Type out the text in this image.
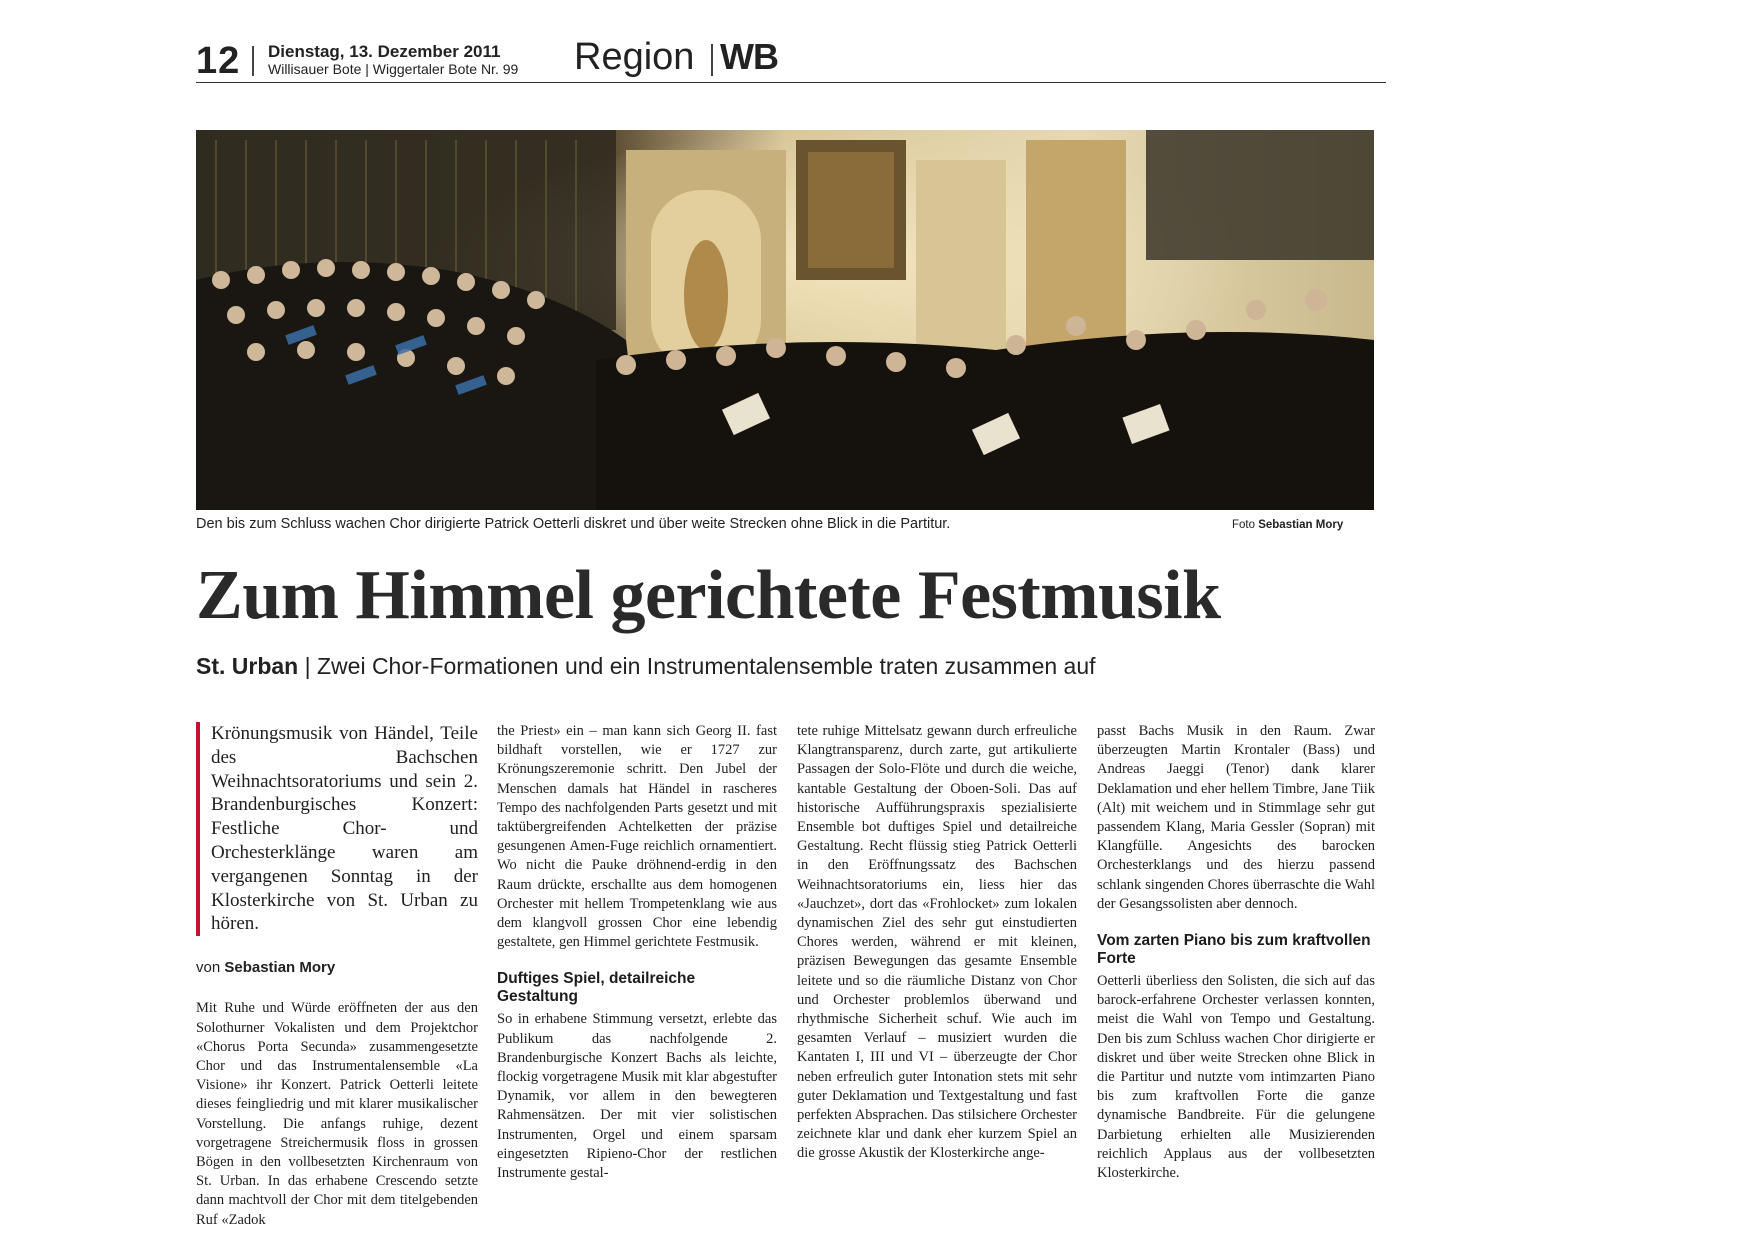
12 Dienstag, 13. Dezember 2011
Willisauer Bote | Wiggertaler Bote Nr. 99 Region WB
Den bis zum Schluss wachen Chor dirigierte Patrick Oetterli diskret und über weite Strecken ohne Blick in die Partitur.	Foto Sebastian Mory
Zum Himmel gerichtete Festmusik
St. Urban | Zwei Chor-Formationen und ein Instrumentalensemble traten zusammen auf

Krönungsmusik von Händel, Teile des Bachschen Weihnachtsoratoriums und sein 2. Brandenburgisches Konzert: Festliche Chor- und Orchesterklänge waren am vergangenen Sonntag in der Klosterkirche von St. Urban zu hören.

von Sebastian Mory

Mit Ruhe und Würde eröffneten der aus den Solothurner Vokalisten und dem Projektchor «Chorus Porta Secunda» zusammengesetzte Chor und das Instrumentalensemble «La Visione» ihr Konzert. Patrick Oetterli leitete dieses feingliedrig und mit klarer musikalischer Vorstellung. Die anfangs ruhige, dezent vorgetragene Streichermusik floss in grossen Bögen in den vollbesetzten Kirchenraum von St. Urban. In das erhabene Crescendo setzte dann machtvoll der Chor mit dem titelgebenden Ruf «Zadok

the Priest» ein – man kann sich Georg II. fast bildhaft vorstellen, wie er 1727 zur Krönungszeremonie schritt. Den Jubel der Menschen damals hat Händel in rascheres Tempo des nachfolgenden Parts gesetzt und mit taktübergreifenden Achtelketten der präzise gesungenen Amen-Fuge reichlich ornamentiert. Wo nicht die Pauke dröhnend-erdig in den Raum drückte, erschallte aus dem homogenen Orchester mit hellem Trompetenklang wie aus dem klangvoll grossen Chor eine lebendig gestaltete, gen Himmel gerichtete Festmusik.

Duftiges Spiel, detailreiche Gestaltung

So in erhabene Stimmung versetzt, erlebte das Publikum das nachfolgende 2. Brandenburgische Konzert Bachs als leichte, flockig vorgetragene Musik mit klar abgestufter Dynamik, vor allem in den bewegteren Rahmensätzen. Der mit vier solistischen Instrumenten, Orgel und einem sparsam eingesetzten Ripieno-Chor der restlichen Instrumente gestal-

tete ruhige Mittelsatz gewann durch erfreuliche Klangtransparenz, durch zarte, gut artikulierte Passagen der Solo-Flöte und durch die weiche, kantable Gestaltung der Oboen-Soli. Das auf historische Aufführungspraxis spezialisierte Ensemble bot duftiges Spiel und detailreiche Gestaltung. Recht flüssig stieg Patrick Oetterli in den Eröffnungssatz des Bachschen Weihnachtsoratoriums ein, liess hier das «Jauchzet», dort das «Frohlocket» zum lokalen dynamischen Ziel des sehr gut einstudierten Chores werden, während er mit kleinen, präzisen Bewegungen das gesamte Ensemble leitete und so die räumliche Distanz von Chor und Orchester problemlos überwand und rhythmische Sicherheit schuf. Wie auch im gesamten Verlauf – musiziert wurden die Kantaten I, III und VI – überzeugte der Chor neben erfreulich guter Intonation stets mit sehr guter Deklamation und Textgestaltung und fast perfekten Absprachen. Das stilsichere Orchester zeichnete klar und dank eher kurzem Spiel an die grosse Akustik der Klosterkirche ange-

passt Bachs Musik in den Raum. Zwar überzeugten Martin Krontaler (Bass) und Andreas Jaeggi (Tenor) dank klarer Deklamation und eher hellem Timbre, Jane Tiik (Alt) mit weichem und in Stimmlage sehr gut passendem Klang, Maria Gessler (Sopran) mit Klangfülle. Angesichts des barocken Orchesterklangs und des hierzu passend schlank singenden Chores überraschte die Wahl der Gesangssolisten aber dennoch.

Vom zarten Piano bis zum kraftvollen Forte

Oetterli überliess den Solisten, die sich auf das barock-erfahrene Orchester verlassen konnten, meist die Wahl von Tempo und Gestaltung. Den bis zum Schluss wachen Chor dirigierte er diskret und über weite Strecken ohne Blick in die Partitur und nutzte vom intimzarten Piano bis zum kraftvollen Forte die ganze dynamische Bandbreite. Für die gelungene Darbietung erhielten alle Musizierenden reichlich Applaus aus der vollbesetzten Klosterkirche.
